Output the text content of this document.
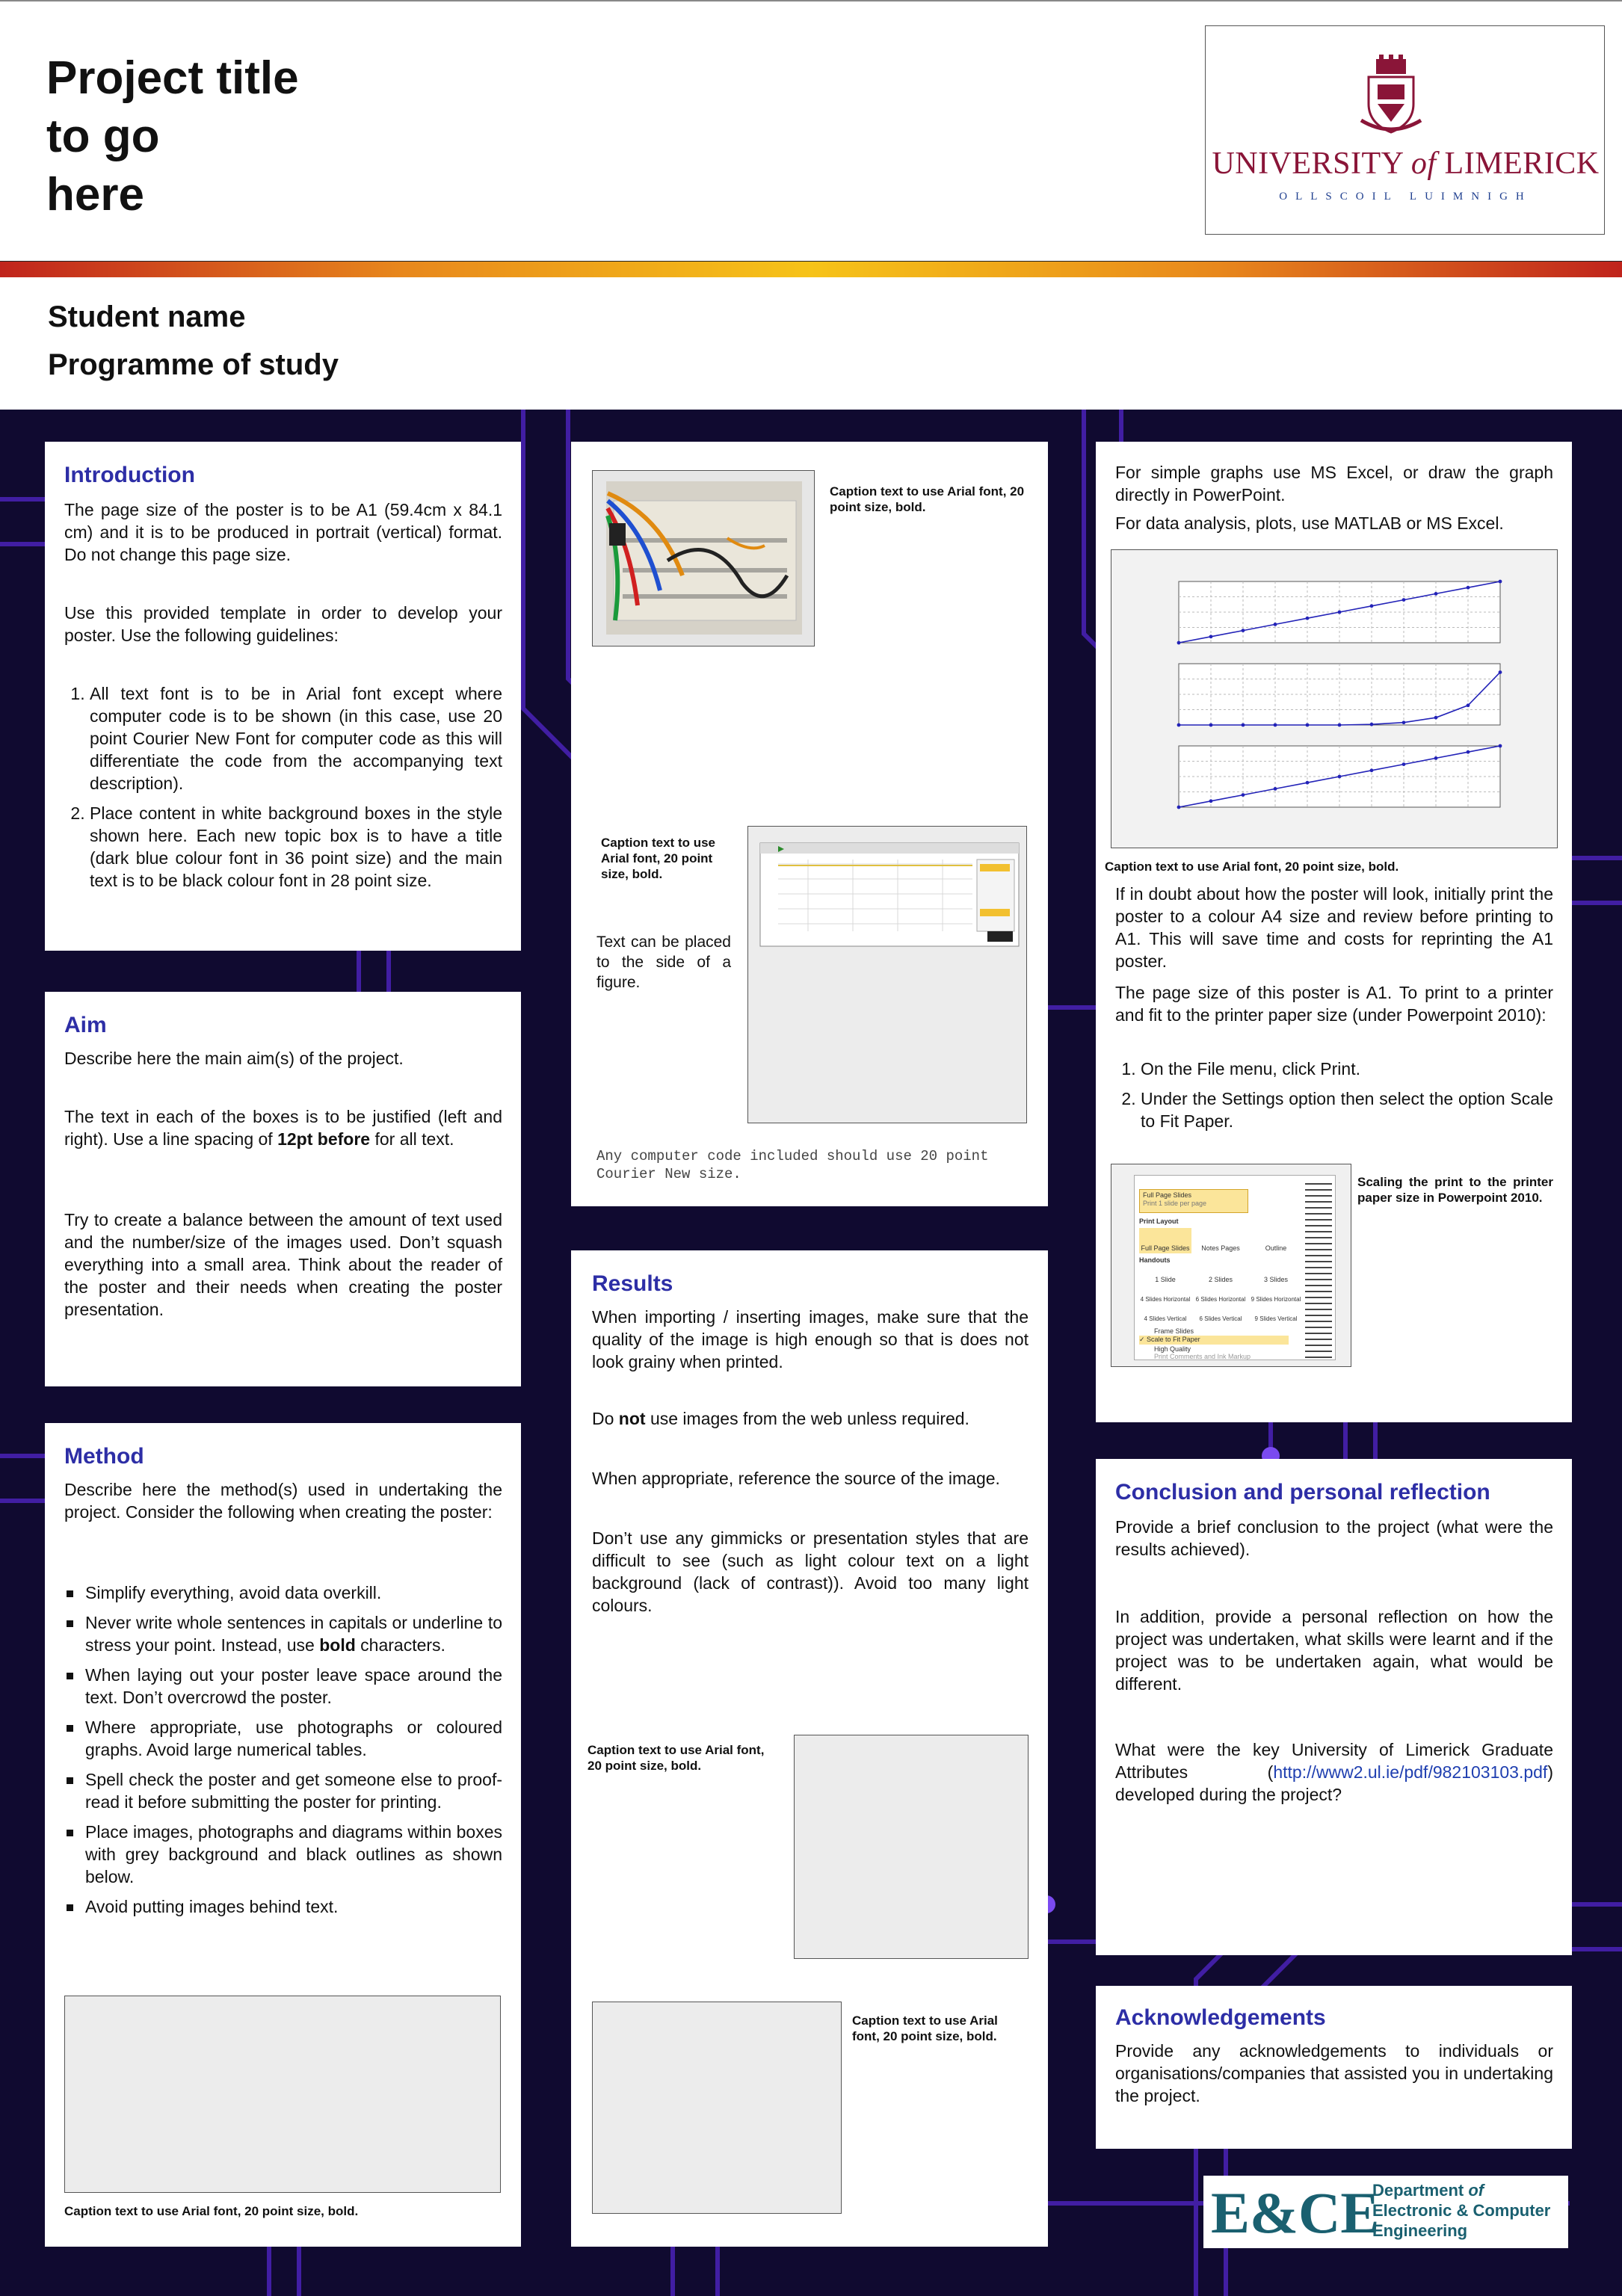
Project title
to go
here
UNIVERSITY of LIMERICK
OLLSCOIL LUIMNIGH
Student name
Programme of study
Introduction
The page size of the poster is to be A1 (59.4cm x 84.1 cm) and it is to be produced in portrait (vertical) format. Do not change this page size.
Use this provided template in order to develop your poster. Use the following guidelines:
1. All text font is to be in Arial font except where computer code is to be shown (in this case, use 20 point Courier New Font for computer code as this will differentiate the code from the accompanying text description).
2. Place content in white background boxes in the style shown here. Each new topic box is to have a title (dark blue colour font in 36 point size) and the main text is to be black colour font in 28 point size.
Aim
Describe here the main aim(s) of the project.
The text in each of the boxes is to be justified (left and right). Use a line spacing of 12pt before for all text.
Try to create a balance between the amount of text used and the number/size of the images used. Don’t squash everything into a small area. Think about the reader of the poster and their needs when creating the poster presentation.
Method
Describe here the method(s) used in undertaking the project. Consider the following when creating the poster:
Simplify everything, avoid data overkill.
Never write whole sentences in capitals or underline to stress your point. Instead, use bold characters.
When laying out your poster leave space around the text. Don’t overcrowd the poster.
Where appropriate, use photographs or coloured graphs. Avoid large numerical tables.
Spell check the poster and get someone else to proof-read it before submitting the poster for printing.
Place images, photographs and diagrams within boxes with grey background and black outlines as shown below.
Avoid putting images behind text.
Caption text to use Arial font, 20 point size, bold.
Caption text to use Arial font, 20 point size, bold.
Caption text to use Arial font, 20 point size, bold.
Text can be placed to the side of a figure.
Any computer code included should use 20 point Courier New size.
Results
When importing / inserting images, make sure that the quality of the image is high enough so that is does not look grainy when printed.
Do not use images from the web unless required.
When appropriate, reference the source of the image.
Don’t use any gimmicks or presentation styles that are difficult to see (such as light colour text on a light background (lack of contrast)). Avoid too many light colours.
Caption text to use Arial font, 20 point size, bold.
Caption text to use Arial font, 20 point size, bold.
For simple graphs use MS Excel, or draw the graph directly in PowerPoint.
For data analysis, plots, use MATLAB or MS Excel.
Caption text to use Arial font, 20 point size, bold.
If in doubt about how the poster will look, initially print the poster to a colour A4 size and review before printing to A1. This will save time and costs for reprinting the A1 poster.
The page size of this poster is A1. To print to a printer and fit to the printer paper size (under Powerpoint 2010):
1. On the File menu, click Print.
2. Under the Settings option then select the option Scale to Fit Paper.
Full Page Slides
Print 1 slide per page
Print Layout
Full Page Slides	Notes Pages	Outline
Handouts
1 Slide	2 Slides	3 Slides
4 Slides Horizontal 6 Slides Horizontal 9 Slides Horizontal
4 Slides Vertical	6 Slides Vertical	9 Slides Vertical
Frame Slides
✓ Scale to Fit Paper
High Quality
Print Comments and Ink Markup
Scaling the print to the printer paper size in Powerpoint 2010.
Conclusion and personal reflection
Provide a brief conclusion to the project (what were the results achieved).
In addition, provide a personal reflection on how the project was undertaken, what skills were learnt and if the project was to be undertaken again, what would be different.
What were the key University of Limerick Graduate Attributes (http://www2.ul.ie/pdf/982103103.pdf) developed during the project?
Acknowledgements
Provide any acknowledgements to individuals or organisations/companies that assisted you in undertaking the project.
E&CE
Department of
Electronic & Computer
Engineering
